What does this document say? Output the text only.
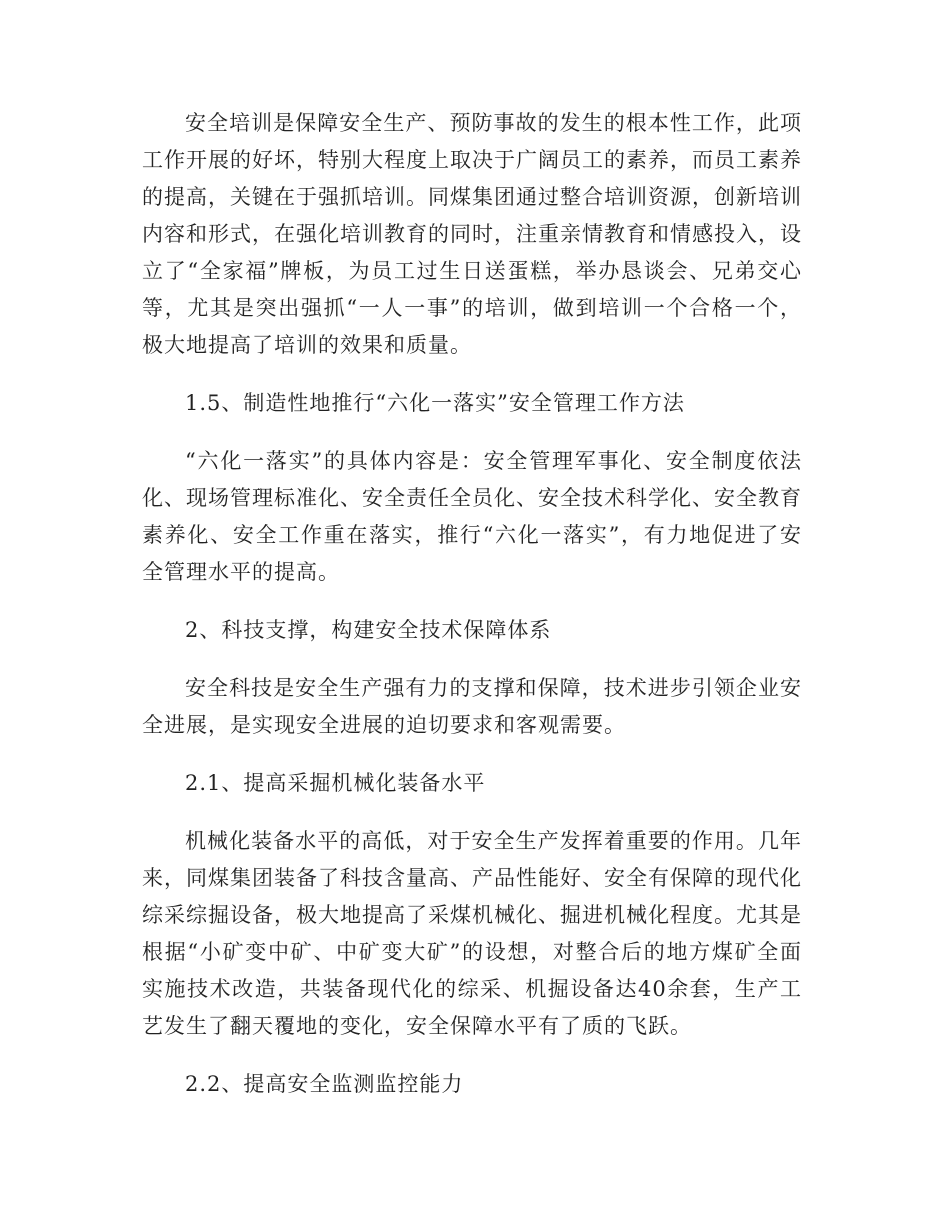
安全培训是保障安全生产、预防事故的发生的根本性工作，此项工作开展的好坏，特别大程度上取决于广阔员工的素养，而员工素养的提高，关键在于强抓培训。同煤集团通过整合培训资源，创新培训内容和形式，在强化培训教育的同时，注重亲情教育和情感投入，设立了“全家福”牌板，为员工过生日送蛋糕，举办恳谈会、兄弟交心等，尤其是突出强抓“一人一事”的培训，做到培训一个合格一个，极大地提高了培训的效果和质量。

1.5、制造性地推行“六化一落实”安全管理工作方法

“六化一落实”的具体内容是：安全管理军事化、安全制度依法化、现场管理标准化、安全责任全员化、安全技术科学化、安全教育素养化、安全工作重在落实，推行“六化一落实”，有力地促进了安全管理水平的提高。

2、科技支撑，构建安全技术保障体系

安全科技是安全生产强有力的支撑和保障，技术进步引领企业安全进展，是实现安全进展的迫切要求和客观需要。

2.1、提高采掘机械化装备水平

机械化装备水平的高低，对于安全生产发挥着重要的作用。几年来，同煤集团装备了科技含量高、产品性能好、安全有保障的现代化综采综掘设备，极大地提高了采煤机械化、掘进机械化程度。尤其是根据“小矿变中矿、中矿变大矿”的设想，对整合后的地方煤矿全面实施技术改造，共装备现代化的综采、机掘设备达40余套，生产工艺发生了翻天覆地的变化，安全保障水平有了质的飞跃。

2.2、提高安全监测监控能力
